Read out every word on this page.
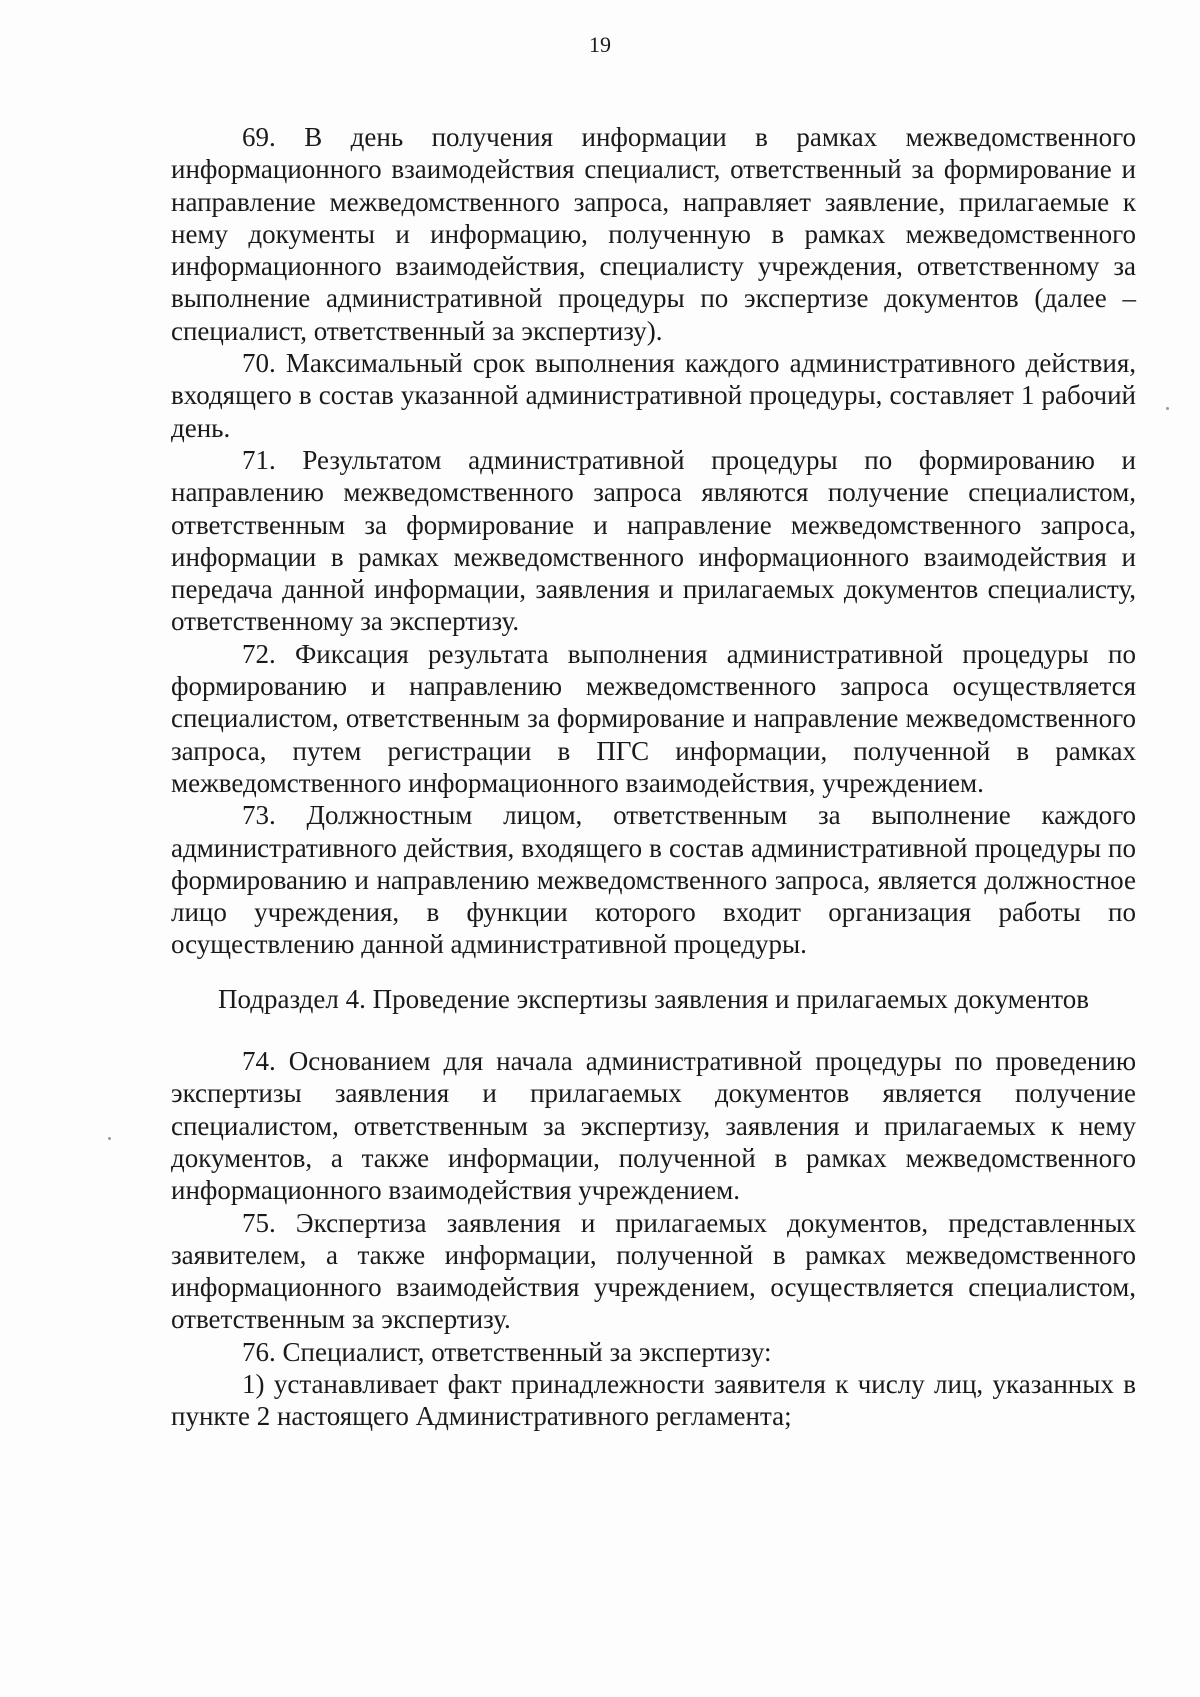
19

69. В день получения информации в рамках межведомственного информационного взаимодействия специалист, ответственный за формирование и направление межведомственного запроса, направляет заявление, прилагаемые к нему документы и информацию, полученную в рамках межведомственного информационного взаимодействия, специалисту учреждения, ответственному за выполнение административной процедуры по экспертизе документов (далее – специалист, ответственный за экспертизу).

70. Максимальный срок выполнения каждого административного действия, входящего в состав указанной административной процедуры, составляет 1 рабочий день.

71. Результатом административной процедуры по формированию и направлению межведомственного запроса являются получение специалистом, ответственным за формирование и направление межведомственного запроса, информации в рамках межведомственного информационного взаимодействия и передача данной информации, заявления и прилагаемых документов специалисту, ответственному за экспертизу.

72. Фиксация результата выполнения административной процедуры по формированию и направлению межведомственного запроса осуществляется специалистом, ответственным за формирование и направление межведомственного запроса, путем регистрации в ПГС информации, полученной в рамках межведомственного информационного взаимодействия, учреждением.

73. Должностным лицом, ответственным за выполнение каждого административного действия, входящего в состав административной процедуры по формированию и направлению межведомственного запроса, является должностное лицо учреждения, в функции которого входит организация работы по осуществлению данной административной процедуры.

Подраздел 4. Проведение экспертизы заявления и прилагаемых документов

74. Основанием для начала административной процедуры по проведению экспертизы заявления и прилагаемых документов является получение специалистом, ответственным за экспертизу, заявления и прилагаемых к нему документов, а также информации, полученной в рамках межведомственного информационного взаимодействия учреждением.

75. Экспертиза заявления и прилагаемых документов, представленных заявителем, а также информации, полученной в рамках межведомственного информационного взаимодействия учреждением, осуществляется специалистом, ответственным за экспертизу.

76. Специалист, ответственный за экспертизу:

1) устанавливает факт принадлежности заявителя к числу лиц, указанных в пункте 2 настоящего Административного регламента;
